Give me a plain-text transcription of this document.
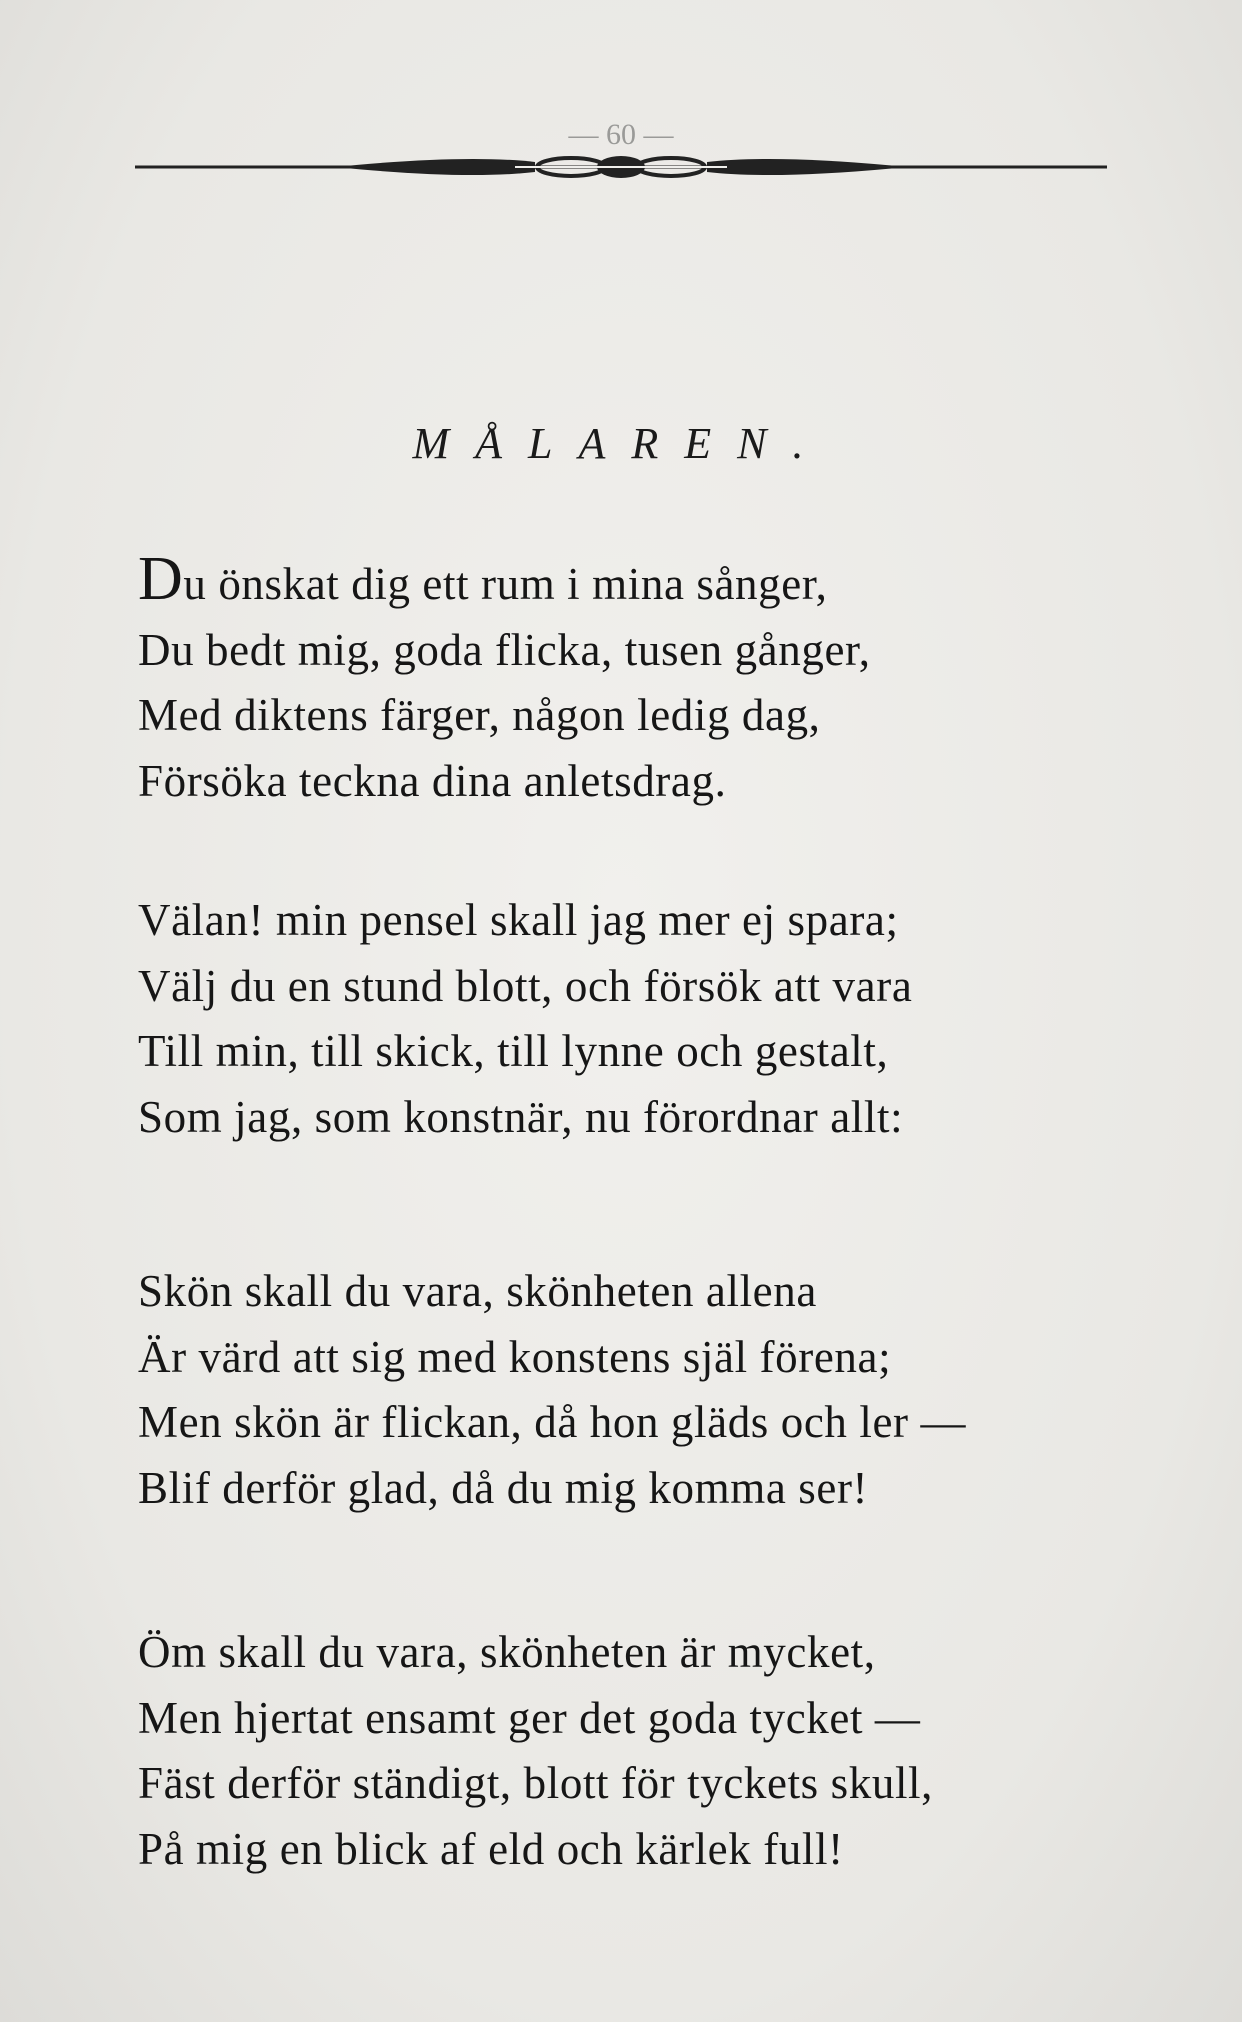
— 60 —
MÅLAREN.
Du önskat dig ett rum i mina sånger,
Du bedt mig, goda flicka, tusen gånger,
Med diktens färger, någon ledig dag,
Försöka teckna dina anletsdrag.
Välan! min pensel skall jag mer ej spara;
Välj du en stund blott, och försök att vara
Till min, till skick, till lynne och gestalt,
Som jag, som konstnär, nu förordnar allt:
Skön skall du vara, skönheten allena
Är värd att sig med konstens själ förena;
Men skön är flickan, då hon gläds och ler —
Blif derför glad, då du mig komma ser!
Öm skall du vara, skönheten är mycket,
Men hjertat ensamt ger det goda tycket —
Fäst derför ständigt, blott för tyckets skull,
På mig en blick af eld och kärlek full!
